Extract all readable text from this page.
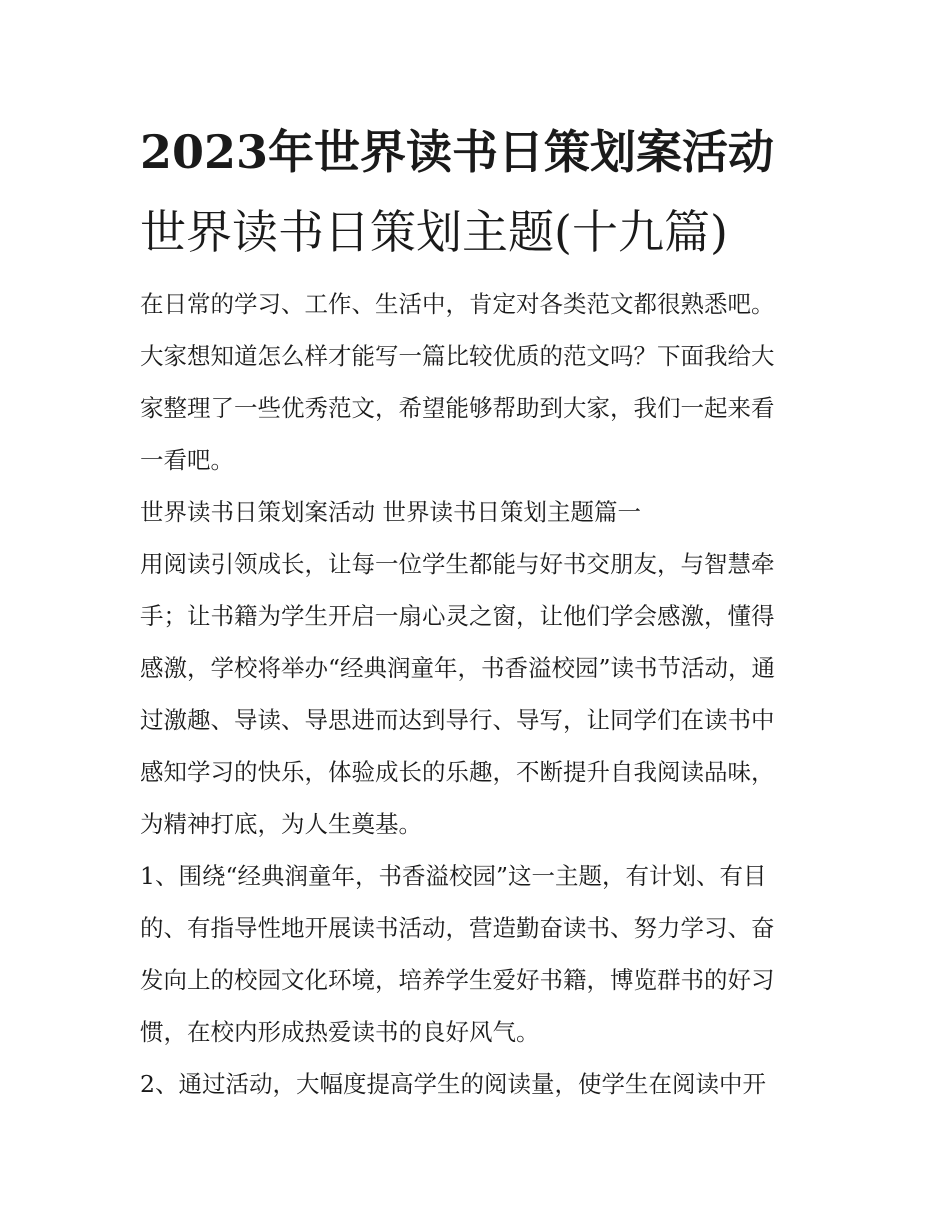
2023年世界读书日策划案活动
世界读书日策划主题(十九篇)
在日常的学习、工作、生活中，肯定对各类范文都很熟悉吧。
大家想知道怎么样才能写一篇比较优质的范文吗？下面我给大
家整理了一些优秀范文，希望能够帮助到大家，我们一起来看
一看吧。
世界读书日策划案活动 世界读书日策划主题篇一
用阅读引领成长，让每一位学生都能与好书交朋友，与智慧牵
手；让书籍为学生开启一扇心灵之窗，让他们学会感激，懂得
感激，学校将举办“经典润童年，书香溢校园”读书节活动，通
过激趣、导读、导思进而达到导行、导写，让同学们在读书中
感知学习的快乐，体验成长的乐趣，不断提升自我阅读品味，
为精神打底，为人生奠基。
1、围绕“经典润童年，书香溢校园”这一主题，有计划、有目
的、有指导性地开展读书活动，营造勤奋读书、努力学习、奋
发向上的校园文化环境，培养学生爱好书籍，博览群书的好习
惯，在校内形成热爱读书的良好风气。
2、通过活动，大幅度提高学生的阅读量，使学生在阅读中开
